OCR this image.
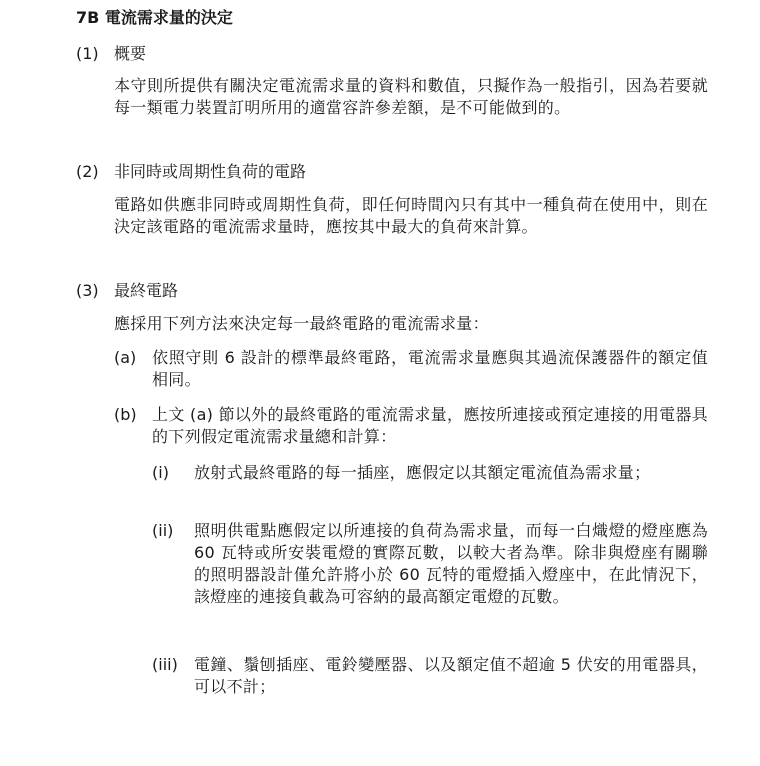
7B 電流需求量的決定
(1) 概要
本守則所提供有關決定電流需求量的資料和數值，只擬作為一般指引，因為若要就每一類電力裝置訂明所用的適當容許參差額，是不可能做到的。
(2) 非同時或周期性負荷的電路
電路如供應非同時或周期性負荷，即任何時間內只有其中一種負荷在使用中，則在決定該電路的電流需求量時，應按其中最大的負荷來計算。
(3) 最終電路
應採用下列方法來決定每一最終電路的電流需求量：
(a) 依照守則 6 設計的標準最終電路，電流需求量應與其過流保護器件的額定值相同。
(b) 上文 (a) 節以外的最終電路的電流需求量，應按所連接或預定連接的用電器具的下列假定電流需求量總和計算：
(i) 放射式最終電路的每一插座，應假定以其額定電流值為需求量；
(ii) 照明供電點應假定以所連接的負荷為需求量，而每一白熾燈的燈座應為 60 瓦特或所安裝電燈的實際瓦數，以較大者為準。除非與燈座有關聯的照明器設計僅允許將小於 60 瓦特的電燈插入燈座中，在此情況下，該燈座的連接負載為可容納的最高額定電燈的瓦數。
(iii) 電鐘、鬚刨插座、電鈴變壓器、以及額定值不超逾 5 伏安的用電器具，可以不計；
